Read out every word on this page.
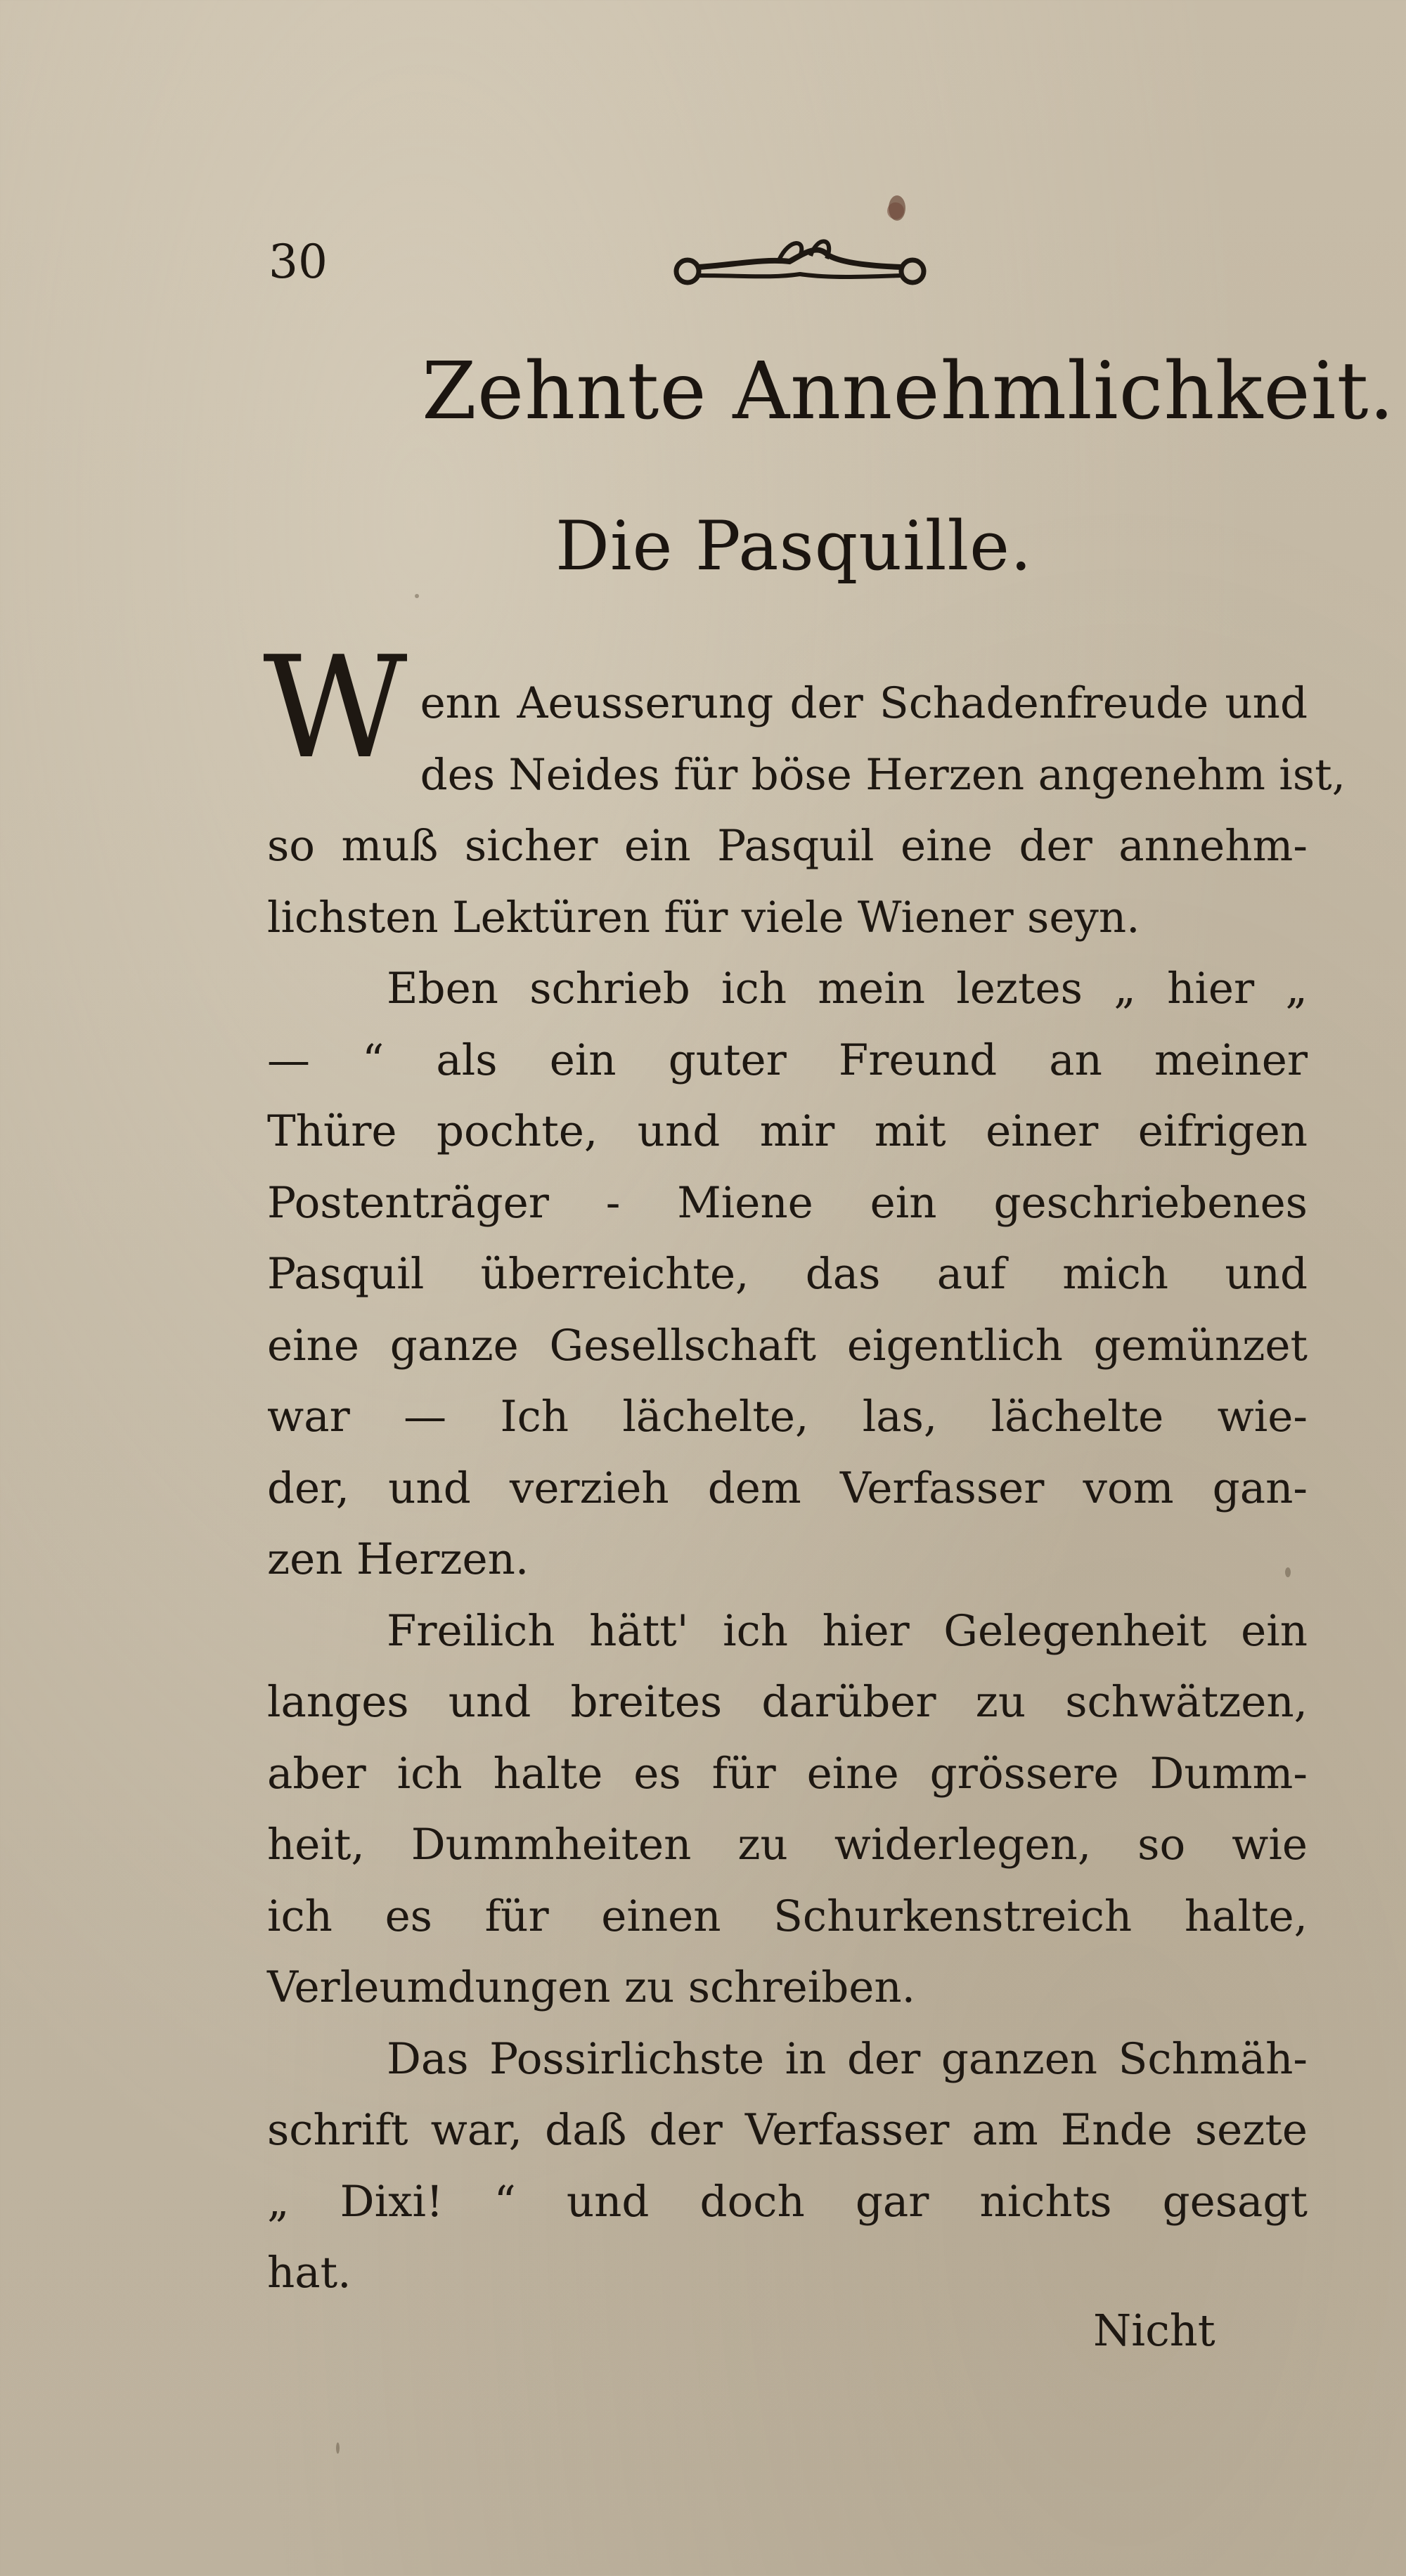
30
Zehnte Annehmlichkeit.
Die Pasquille.
W enn Aeusserung der Schadenfreude und
des Neides für böse Herzen angenehm ist,
so muß sicher ein Pasquil eine der annehm-
lichsten Lektüren für viele Wiener seyn.
Eben schrieb ich mein leztes „ hier „
— “ als ein guter Freund an meiner
Thüre pochte, und mir mit einer eifrigen
Postenträger - Miene ein geschriebenes
Pasquil überreichte, das auf mich und
eine ganze Gesellschaft eigentlich gemünzet
war — Ich lächelte, las, lächelte wie-
der, und verzieh dem Verfasser vom gan-
zen Herzen.
Freilich hätt' ich hier Gelegenheit ein
langes und breites darüber zu schwätzen,
aber ich halte es für eine grössere Dumm-
heit, Dummheiten zu widerlegen, so wie
ich es für einen Schurkenstreich halte,
Verleumdungen zu schreiben.
Das Possirlichste in der ganzen Schmäh-
schrift war, daß der Verfasser am Ende sezte
„ Dixi! “ und doch gar nichts gesagt
hat.
Nicht
